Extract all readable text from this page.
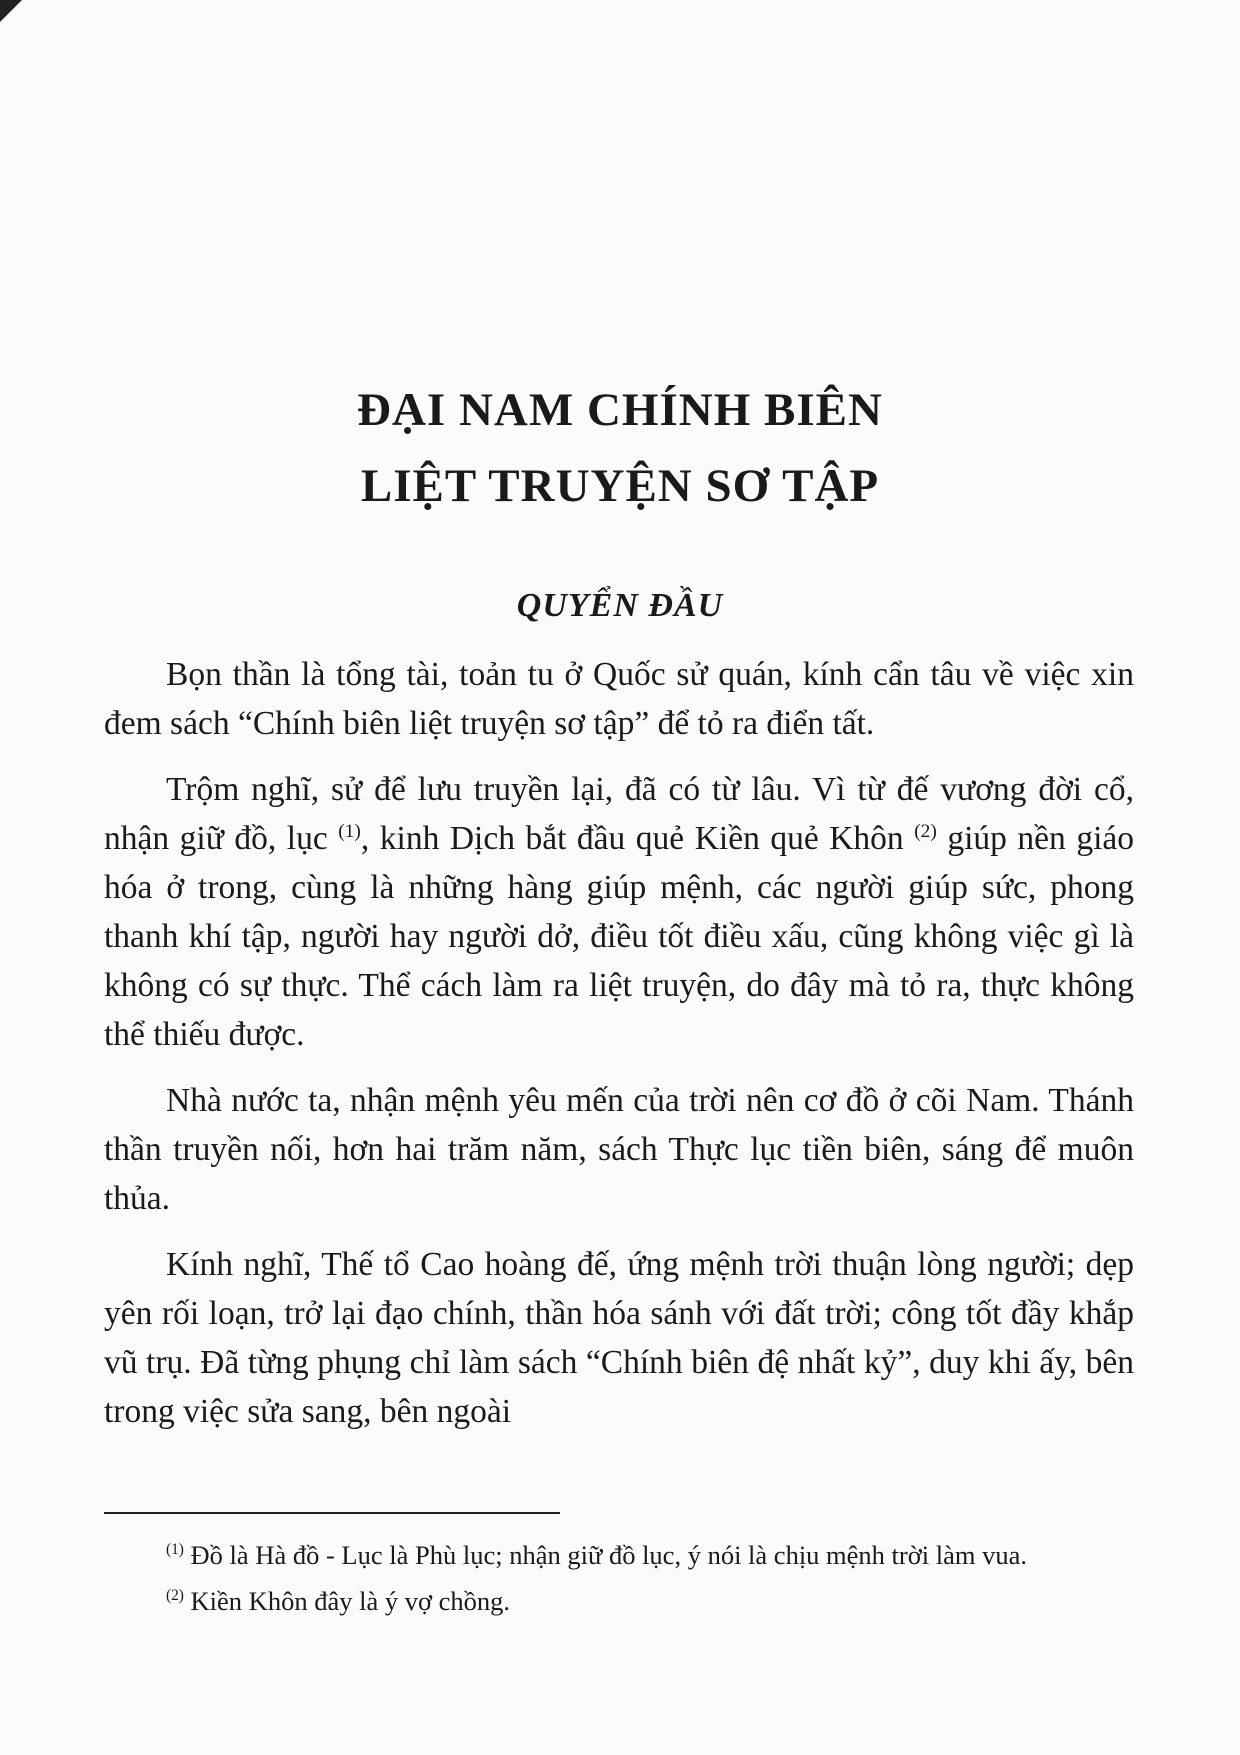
ĐẠI NAM CHÍNH BIÊN
LIỆT TRUYỆN SƠ TẬP
QUYỂN ĐẦU

Bọn thần là tổng tài, toản tu ở Quốc sử quán, kính cẩn tâu về việc xin đem sách “Chính biên liệt truyện sơ tập” để tỏ ra điển tất.

Trộm nghĩ, sử để lưu truyền lại, đã có từ lâu. Vì từ đế vương đời cổ, nhận giữ đồ, lục $^{(1)}$, kinh Dịch bắt đầu quẻ Kiền quẻ Khôn $^{(2)}$ giúp nền giáo hóa ở trong, cùng là những hàng giúp mệnh, các người giúp sức, phong thanh khí tập, người hay người dở, điều tốt điều xấu, cũng không việc gì là không có sự thực. Thể cách làm ra liệt truyện, do đây mà tỏ ra, thực không thể thiếu được.

Nhà nước ta, nhận mệnh yêu mến của trời nên cơ đồ ở cõi Nam. Thánh thần truyền nối, hơn hai trăm năm, sách Thực lục tiền biên, sáng để muôn thủa.

Kính nghĩ, Thế tổ Cao hoàng đế, ứng mệnh trời thuận lòng người; dẹp yên rối loạn, trở lại đạo chính, thần hóa sánh với đất trời; công tốt đầy khắp vũ trụ. Đã từng phụng chỉ làm sách “Chính biên đệ nhất kỷ”, duy khi ấy, bên trong việc sửa sang, bên ngoài

$^{(1)}$ Đồ là Hà đồ - Lục là Phù lục; nhận giữ đồ lục, ý nói là chịu mệnh trời làm vua.

$^{(2)}$ Kiền Khôn đây là ý vợ chồng.
